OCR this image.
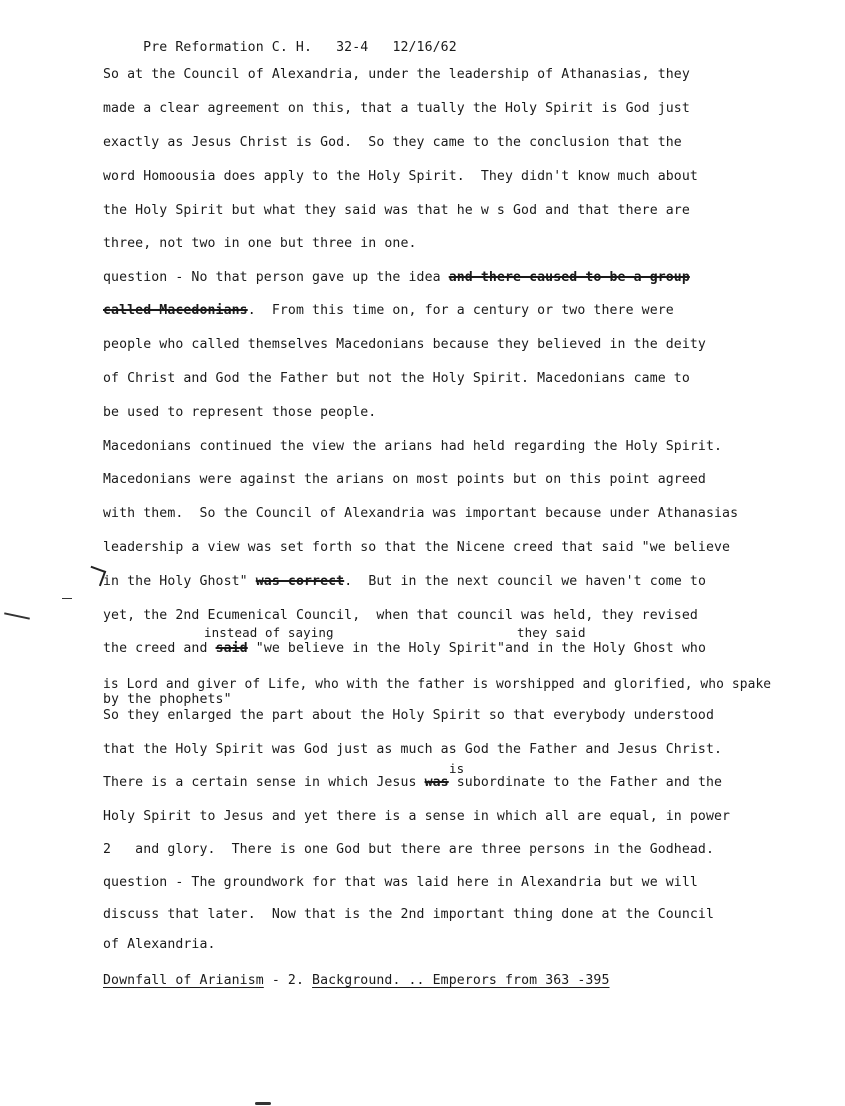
Pre Reformation C. H. 32-4 12/16/62

So at the Council of Alexandria, under the leadership of Athanasias, they
made a clear agreement on this, that a tually the Holy Spirit is God just
exactly as Jesus Christ is God.  So they came to the conclusion that the
word Homoousia does apply to the Holy Spirit.  They didn't know much about
the Holy Spirit but what they said was that he w s God and that there are
three, not two in one but three in one.
question - No that person gave up the idea and there caused to be a group
called Macedonians.  From this time on, for a century or two there were
people who called themselves Macedonians because they believed in the deity
of Christ and God the Father but not the Holy Spirit. Macedonians came to
be used to represent those people.
Macedonians continued the view the arians had held regarding the Holy Spirit.
Macedonians were against the arians on most points but on this point agreed
with them.  So the Council of Alexandria was important because under Athanasias
leadership a view was set forth so that the Nicene creed that said "we believe
in the Holy Ghost" was correct.  But in the next council we haven't come to
yet, the 2nd Ecumenical Council,  when that council was held, they revised
instead of saying	they said
the creed and said "we believe in the Holy Spirit"and in the Holy Ghost who
is Lord and giver of Life, who with the father is worshipped and glorified, who spake
by the phophets"
So they enlarged the part about the Holy Spirit so that everybody understood
that the Holy Spirit was God just as much as God the Father and Jesus Christ.
is
There is a certain sense in which Jesus was subordinate to the Father and the
Holy Spirit to Jesus and yet there is a sense in which all are equal, in power
2   and glory.  There is one God but there are three persons in the Godhead.
question - The groundwork for that was laid here in Alexandria but we will
discuss that later.  Now that is the 2nd important thing done at the Council
of Alexandria.
Downfall of Arianism - 2. Background. .. Emperors from 363 -395
